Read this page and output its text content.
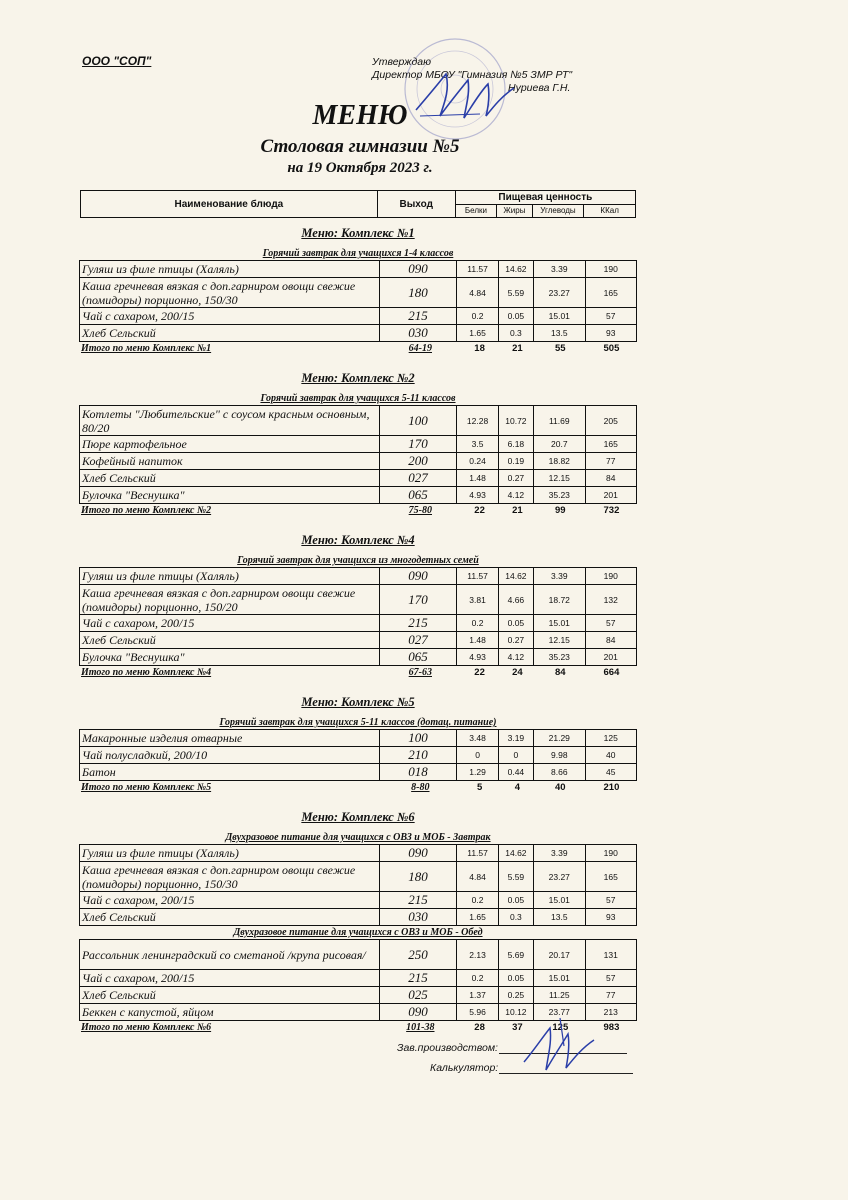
ООО "СОП"	Утверждаю
Директор МБОУ "Гимназия №5 ЗМР РТ"
Нуриева Г.Н.
МЕНЮ
Столовая гимназии №5
на 19 Октября 2023 г.
Наименование блюда	Выход	Пищевая ценность			
		Белки	Жиры	Углеводы	ККал
Меню: Комплекс №1
Горячий завтрак для учащихся 1-4 классов
Гуляш из филе птицы (Халяль)	090	11.57	14.62	3.39	190
Каша гречневая вязкая с доп.гарниром овощи свежие (помидоры) порционно, 150/30	180	4.84	5.59	23.27	165
Чай с сахаром, 200/15	215	0.2	0.05	15.01	57
Хлеб Сельский	030	1.65	0.3	13.5	93
Итого по меню Комплекс №1	64-19	18	21	55	505
Меню: Комплекс №2
Горячий завтрак для учащихся 5-11 классов
Котлеты "Любительские" с соусом красным основным, 80/20	100	12.28	10.72	11.69	205
Пюре картофельное	170	3.5	6.18	20.7	165
Кофейный напиток	200	0.24	0.19	18.82	77
Хлеб Сельский	027	1.48	0.27	12.15	84
Булочка "Веснушка"	065	4.93	4.12	35.23	201
Итого по меню Комплекс №2	75-80	22	21	99	732
Меню: Комплекс №4
Горячий завтрак для учащихся из многодетных семей
Гуляш из филе птицы (Халяль)	090	11.57	14.62	3.39	190
Каша гречневая вязкая с доп.гарниром овощи свежие (помидоры) порционно, 150/20	170	3.81	4.66	18.72	132
Чай с сахаром, 200/15	215	0.2	0.05	15.01	57
Хлеб Сельский	027	1.48	0.27	12.15	84
Булочка "Веснушка"	065	4.93	4.12	35.23	201
Итого по меню Комплекс №4	67-63	22	24	84	664
Меню: Комплекс №5
Горячий завтрак для учащихся 5-11 классов (дотац. питание)
Макаронные изделия отварные	100	3.48	3.19	21.29	125
Чай полусладкий, 200/10	210	0	0	9.98	40
Батон	018	1.29	0.44	8.66	45
Итого по меню Комплекс №5	8-80	5	4	40	210
Меню: Комплекс №6
Двухразовое питание для учащихся с ОВЗ и МОБ - Завтрак
Гуляш из филе птицы (Халяль)	090	11.57	14.62	3.39	190
Каша гречневая вязкая с доп.гарниром овощи свежие (помидоры) порционно, 150/30	180	4.84	5.59	23.27	165
Чай с сахаром, 200/15	215	0.2	0.05	15.01	57
Хлеб Сельский	030	1.65	0.3	13.5	93
Двухразовое питание для учащихся с ОВЗ и МОБ - Обед
Рассольник ленинградский со сметаной /крупа рисовая/	250	2.13	5.69	20.17	131
Чай с сахаром, 200/15	215	0.2	0.05	15.01	57
Хлеб Сельский	025	1.37	0.25	11.25	77
Беккен с капустой, яйцом	090	5.96	10.12	23.77	213
Итого по меню Комплекс №6	101-38	28	37	125	983
Зав.производством:
Калькулятор:
